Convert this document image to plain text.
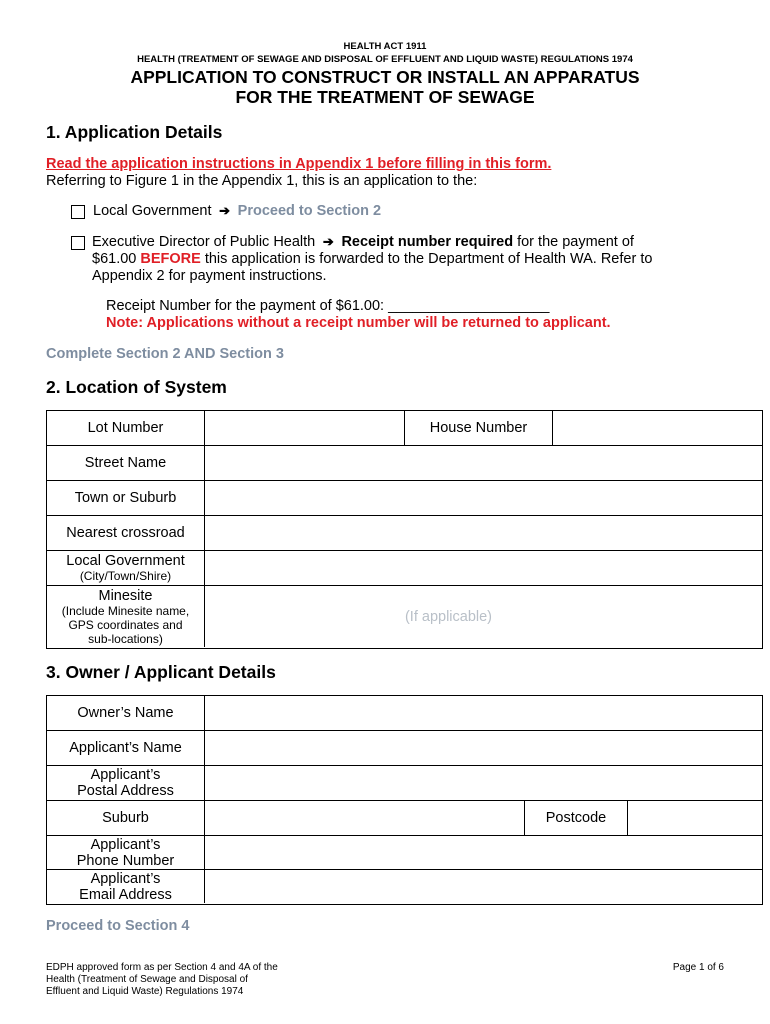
HEALTH ACT 1911
HEALTH (TREATMENT OF SEWAGE AND DISPOSAL OF EFFLUENT AND LIQUID WASTE) REGULATIONS 1974
APPLICATION TO CONSTRUCT OR INSTALL AN APPARATUS
FOR THE TREATMENT OF SEWAGE
1. Application Details
Read the application instructions in Appendix 1 before filling in this form.
Referring to Figure 1 in the Appendix 1, this is an application to the:
Local Government  ➔  Proceed to Section 2
Executive Director of Public Health  ➔  Receipt number required for the payment of
$61.00 BEFORE this application is forwarded to the Department of Health WA. Refer to
Appendix 2 for payment instructions.
Receipt Number for the payment of $61.00: ____________________
Note: Applications without a receipt number will be returned to applicant.
Complete Section 2 AND Section 3
2. Location of System
Lot Number	House Number
Street Name
Town or Suburb
Nearest crossroad
Local Government
(City/Town/Shire)
Minesite
(Include Minesite name,
GPS coordinates and
sub-locations)
(If applicable)
3. Owner / Applicant Details
Owner’s Name
Applicant’s Name
Applicant’s
Postal Address
Suburb	Postcode
Applicant’s
Phone Number
Applicant’s
Email Address
Proceed to Section 4
EDPH approved form as per Section 4 and 4A of the
Health (Treatment of Sewage and Disposal of
Effluent and Liquid Waste) Regulations 1974
Page 1 of 6
